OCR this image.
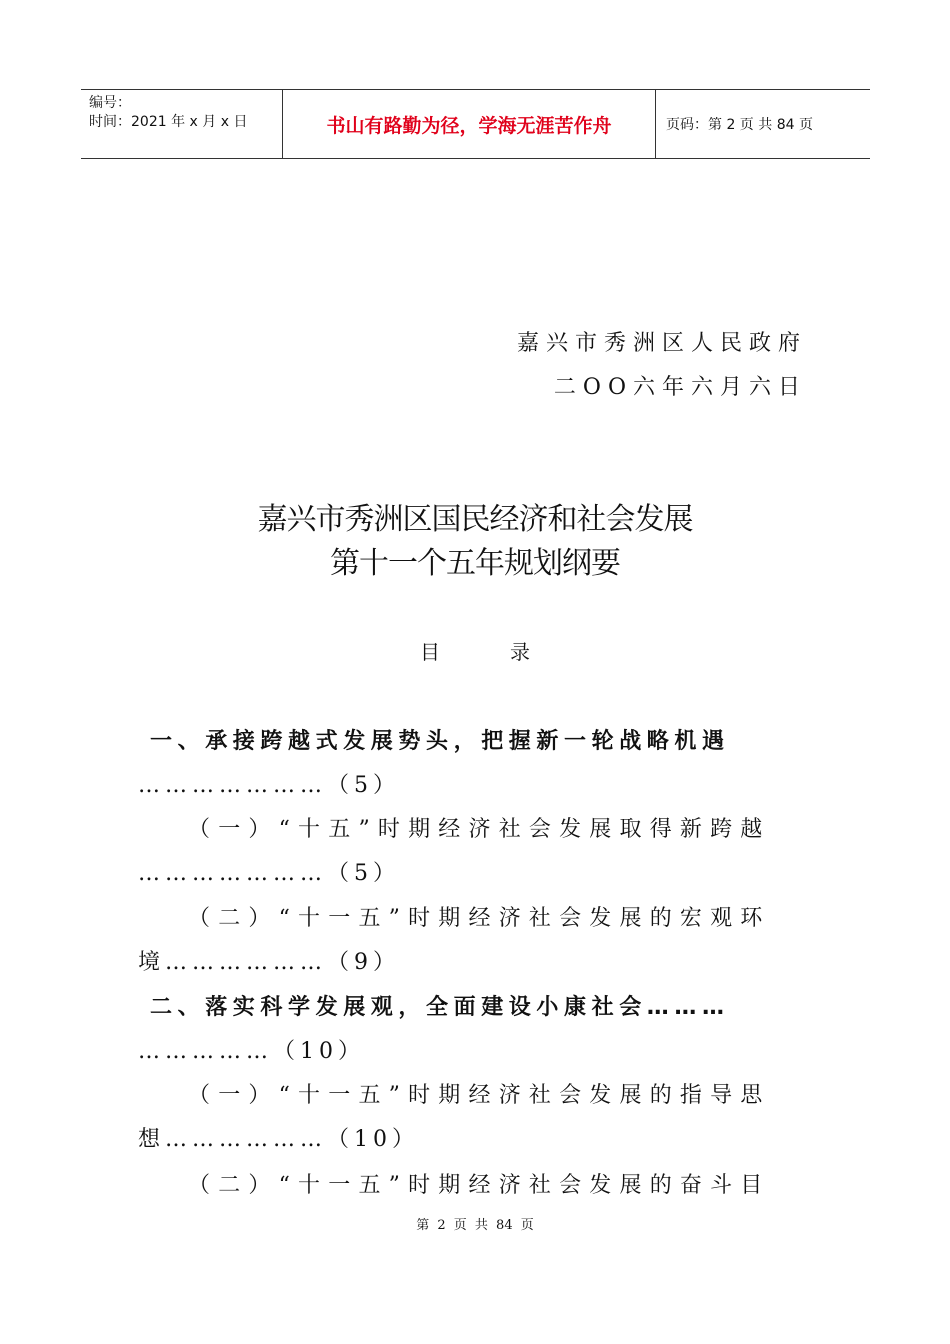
编号：
时间：2021 年 x 月 x 日	书山有路勤为径，学海无涯苦作舟	页码：第 2 页 共 84 页
嘉兴市秀洲区人民政府
二OO六年六月六日
嘉兴市秀洲区国民经济和社会发展
第十一个五年规划纲要
目录
一、承接跨越式发展势头，把握新一轮战略机遇
…………………（5）
（一）“十五”时期经济社会发展取得新跨越
…………………（5）
（二）“十一五”时期经济社会发展的宏观环
境………………（9）
二、落实科学发展观，全面建设小康社会………
……………（10）
（一）“十一五”时期经济社会发展的指导思
想………………（10）
（二）“十一五”时期经济社会发展的奋斗目
第 2 页 共 84 页
